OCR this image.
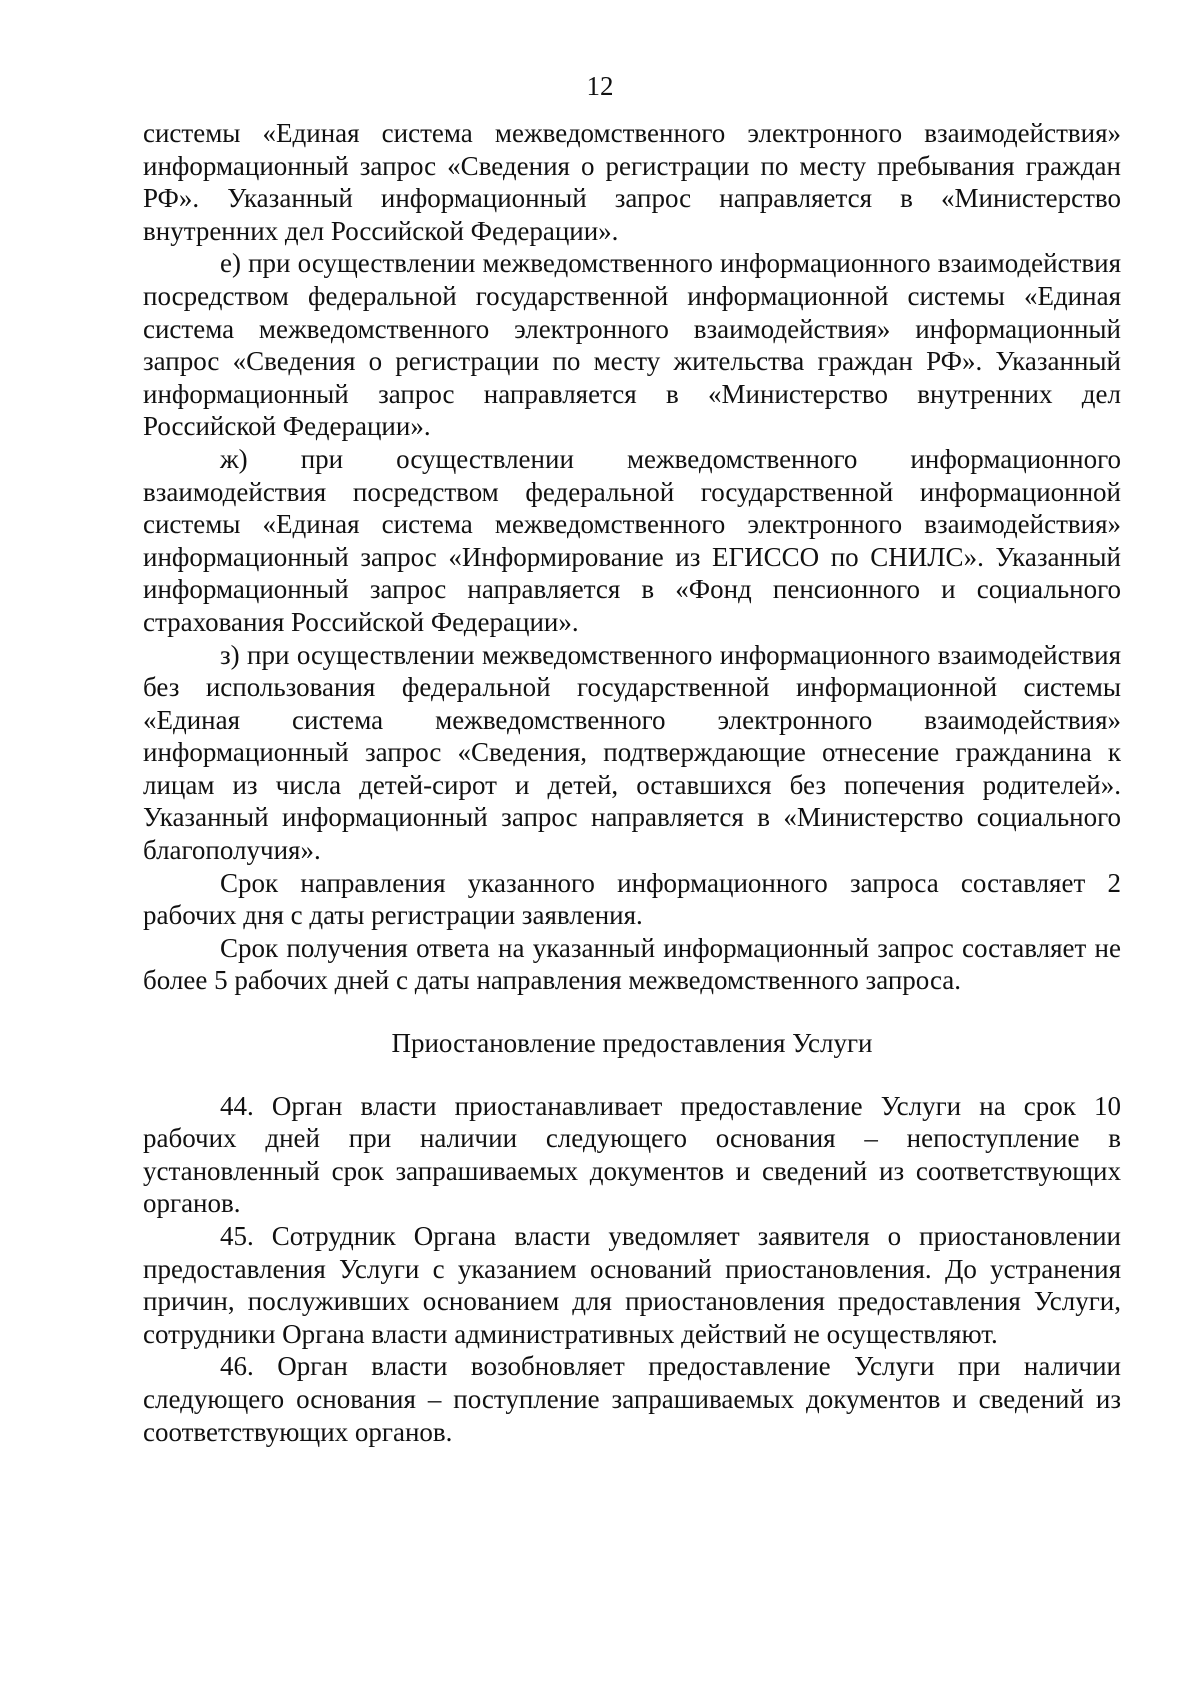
12

системы «Единая система межведомственного электронного взаимодействия» информационный запрос «Сведения о регистрации по месту пребывания граждан РФ». Указанный информационный запрос направляется в «Министерство внутренних дел Российской Федерации».

е) при осуществлении межведомственного информационного взаимодействия посредством федеральной государственной информационной системы «Единая система межведомственного электронного взаимодействия» информационный запрос «Сведения о регистрации по месту жительства граждан РФ». Указанный информационный запрос направляется в «Министерство внутренних дел Российской Федерации».

ж) при осуществлении межведомственного информационного взаимодействия посредством федеральной государственной информационной системы «Единая система межведомственного электронного взаимодействия» информационный запрос «Информирование из ЕГИССО по СНИЛС». Указанный информационный запрос направляется в «Фонд пенсионного и социального страхования Российской Федерации».

з) при осуществлении межведомственного информационного взаимодействия без использования федеральной государственной информационной системы «Единая система межведомственного электронного взаимодействия» информационный запрос «Сведения, подтверждающие отнесение гражданина к лицам из числа детей-сирот и детей, оставшихся без попечения родителей». Указанный информационный запрос направляется в «Министерство социального благополучия».

Срок направления указанного информационного запроса составляет 2 рабочих дня с даты регистрации заявления.

Срок получения ответа на указанный информационный запрос составляет не более 5 рабочих дней с даты направления межведомственного запроса.

Приостановление предоставления Услуги

44. Орган власти приостанавливает предоставление Услуги на срок 10 рабочих дней при наличии следующего основания – непоступление в установленный срок запрашиваемых документов и сведений из соответствующих органов.

45. Сотрудник Органа власти уведомляет заявителя о приостановлении предоставления Услуги с указанием оснований приостановления. До устранения причин, послуживших основанием для приостановления предоставления Услуги, сотрудники Органа власти административных действий не осуществляют.

46. Орган власти возобновляет предоставление Услуги при наличии следующего основания – поступление запрашиваемых документов и сведений из соответствующих органов.
